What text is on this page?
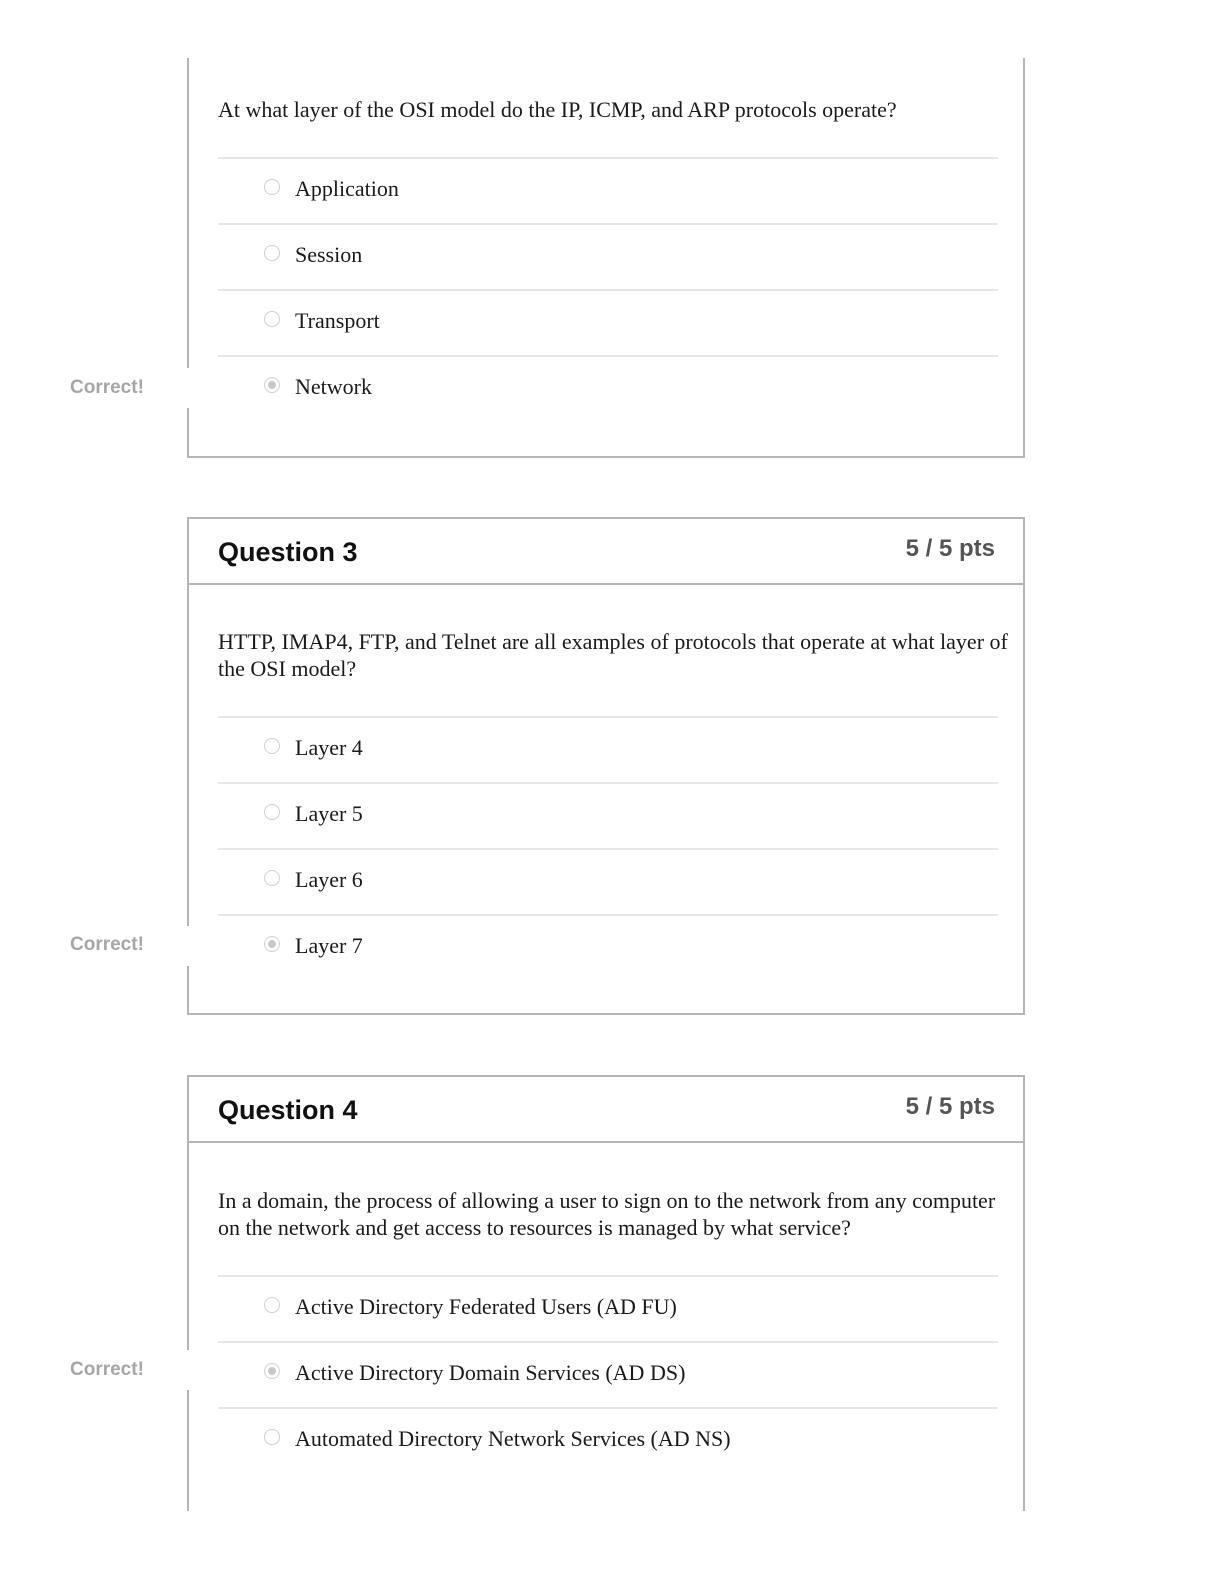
At what layer of the OSI model do the IP, ICMP, and ARP protocols operate?
Application
Session
Transport
Network
Correct!
Question 3	5 / 5 pts
HTTP, IMAP4, FTP, and Telnet are all examples of protocols that operate at what layer of the OSI model?
Layer 4
Layer 5
Layer 6
Layer 7
Correct!
Question 4	5 / 5 pts
In a domain, the process of allowing a user to sign on to the network from any computer on the network and get access to resources is managed by what service?
Active Directory Federated Users (AD FU)
Active Directory Domain Services (AD DS)
Automated Directory Network Services (AD NS)
Correct!
